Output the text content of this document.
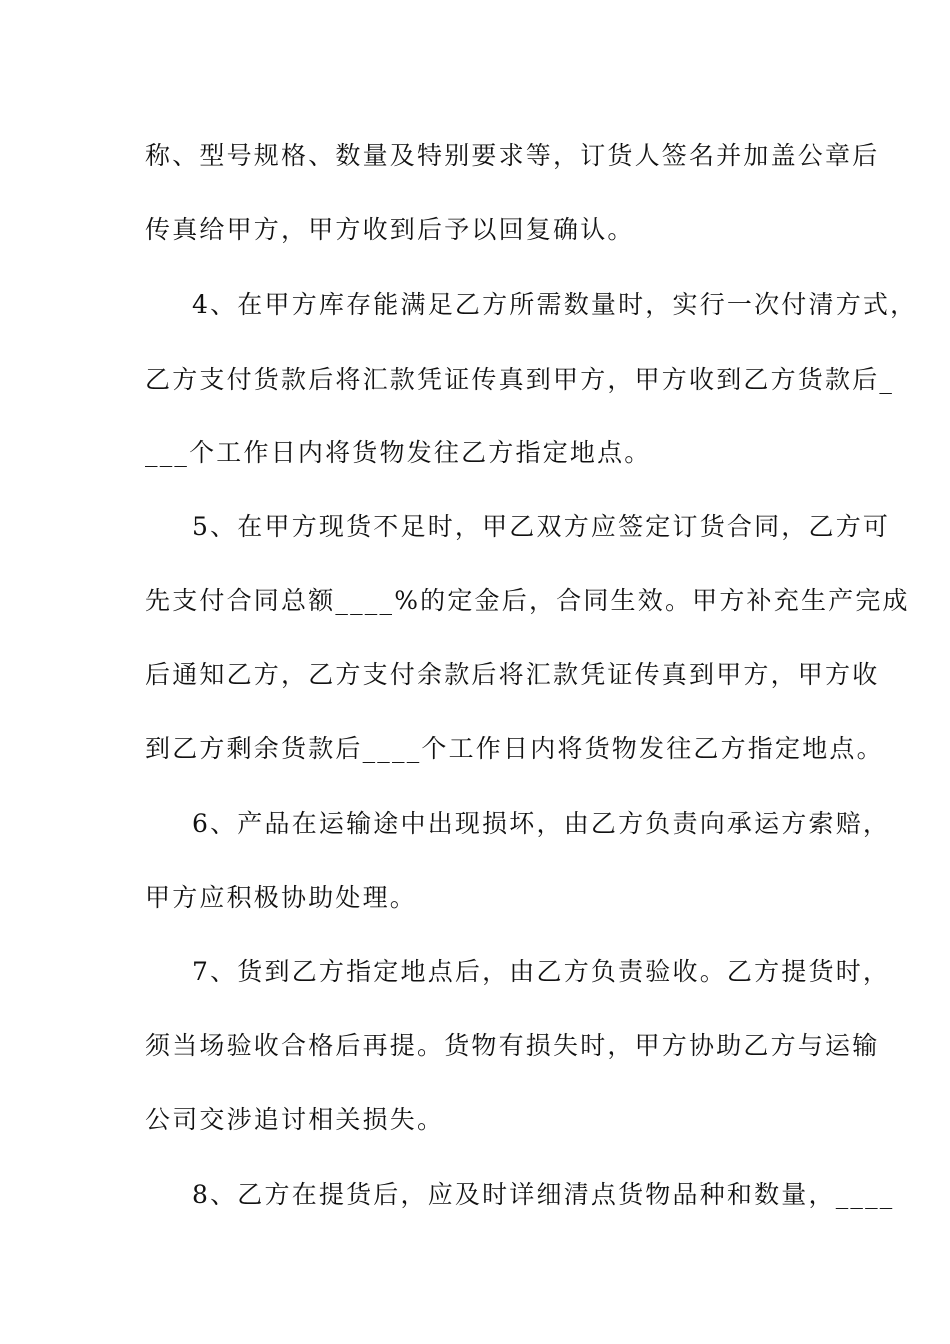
称、型号规格、数量及特别要求等，订货人签名并加盖公章后
传真给甲方，甲方收到后予以回复确认。
4、在甲方库存能满足乙方所需数量时，实行一次付清方式，
乙方支付货款后将汇款凭证传真到甲方，甲方收到乙方货款后_
___个工作日内将货物发往乙方指定地点。
5、在甲方现货不足时，甲乙双方应签定订货合同，乙方可
先支付合同总额____%的定金后，合同生效。甲方补充生产完成
后通知乙方，乙方支付余款后将汇款凭证传真到甲方，甲方收
到乙方剩余货款后____个工作日内将货物发往乙方指定地点。
6、产品在运输途中出现损坏，由乙方负责向承运方索赔，
甲方应积极协助处理。
7、货到乙方指定地点后，由乙方负责验收。乙方提货时，
须当场验收合格后再提。货物有损失时，甲方协助乙方与运输
公司交涉追讨相关损失。
8、乙方在提货后，应及时详细清点货物品种和数量，____
